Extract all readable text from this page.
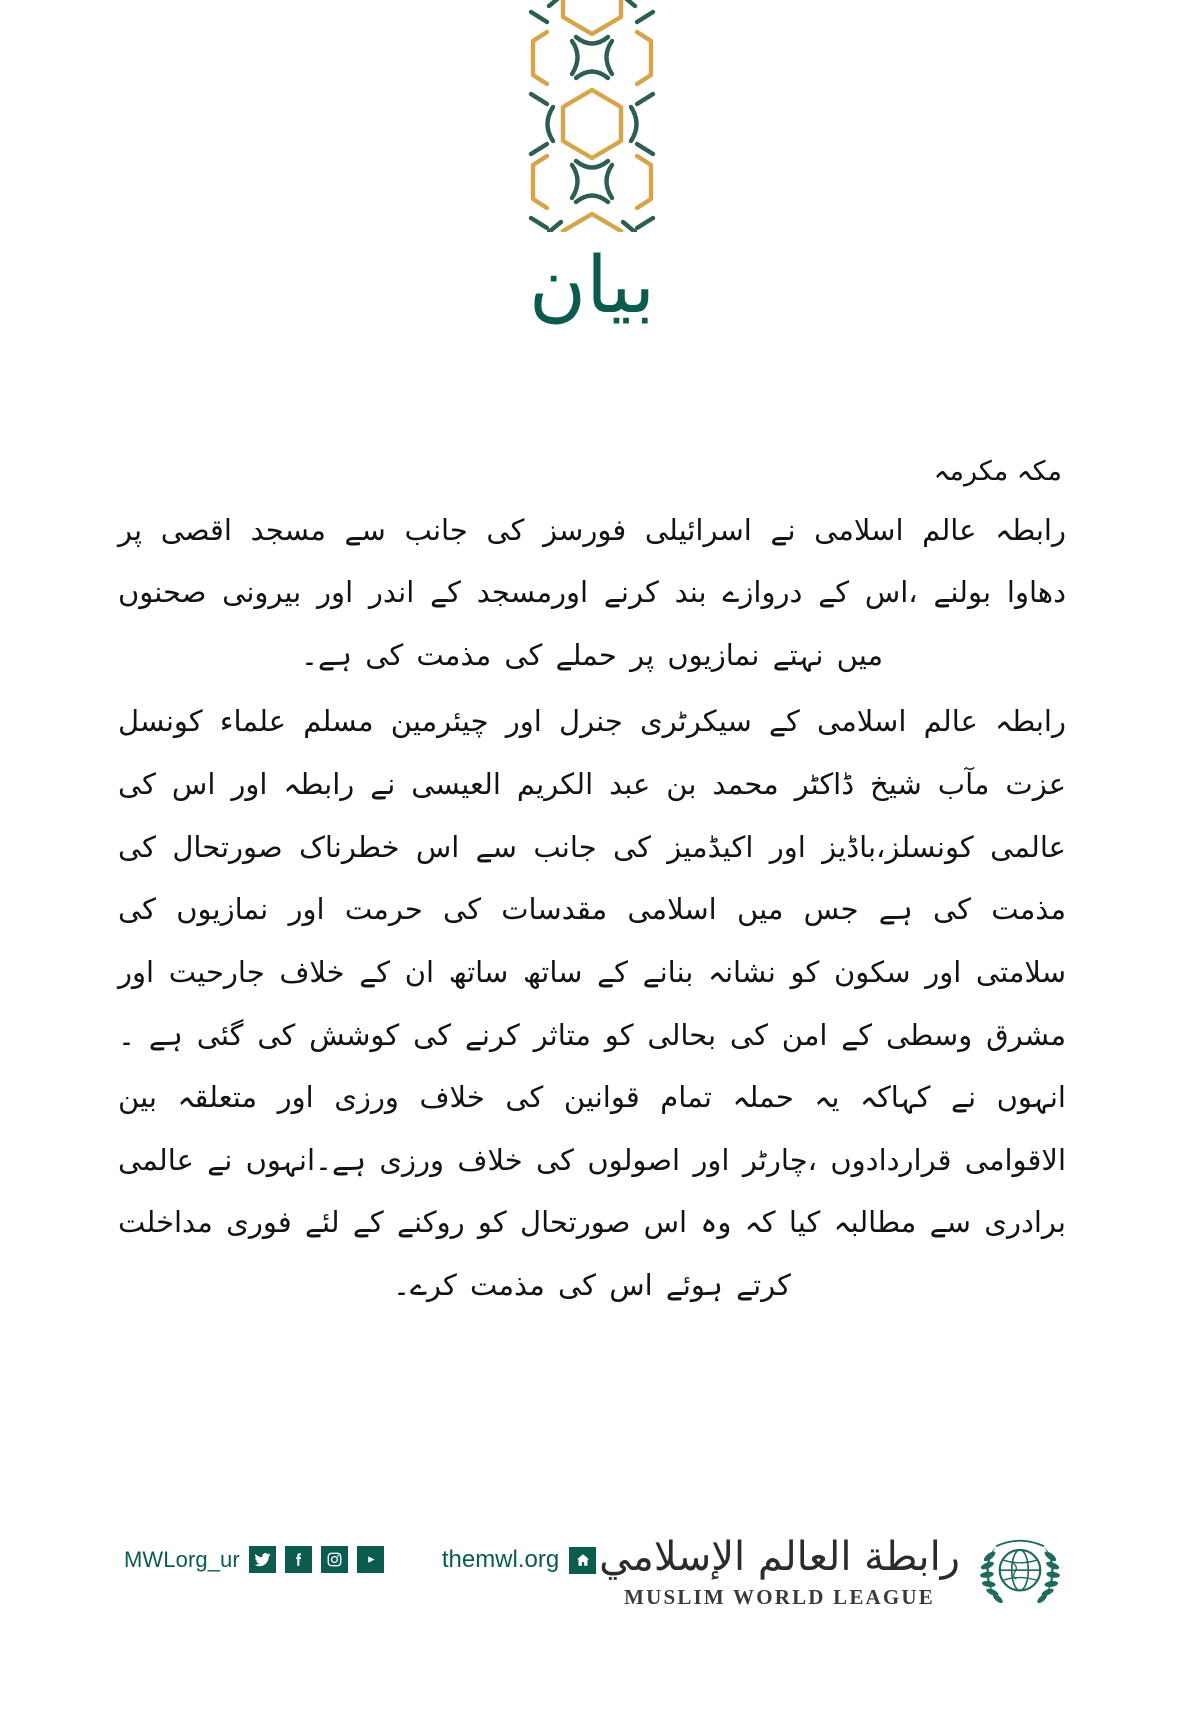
بیان
مکہ مکرمہ

رابطہ عالم اسلامی نے اسرائیلی فورسز کی جانب سے مسجد اقصی پر دھاوا بولنے ،اس کے دروازے بند کرنے اورمسجد کے اندر اور بیرونی صحنوں میں نہتے نمازیوں پر حملے کی مذمت کی ہے۔

رابطہ عالم اسلامی کے سیکرٹری جنرل اور چیئرمین مسلم علماء کونسل عزت مآب شیخ ڈاکٹر محمد بن عبد الکریم العیسی نے رابطہ اور اس کی عالمی کونسلز،باڈیز اور اکیڈمیز کی جانب سے اس خطرناک صورتحال کی مذمت کی ہے جس میں اسلامی مقدسات کی حرمت اور نمازیوں کی سلامتی اور سکون کو نشانہ بنانے کے ساتھ ساتھ ان کے خلاف جارحیت اور مشرق وسطی کے امن کی بحالی کو متاثر کرنے کی کوشش کی گئی ہے ۔انہوں نے کہاکہ یہ حملہ تمام قوانین کی خلاف ورزی اور متعلقہ بین الاقوامی قراردادوں ،چارٹر اور اصولوں کی خلاف ورزی ہے۔انہوں نے عالمی برادری سے مطالبہ کیا کہ وہ اس صورتحال کو روکنے کے لئے فوری مداخلت کرتے ہوئے اس کی مذمت کرے۔

MWLorg_ur	themwl.org رابطة العالم الإسلامي
MUSLIM WORLD LEAGUE
